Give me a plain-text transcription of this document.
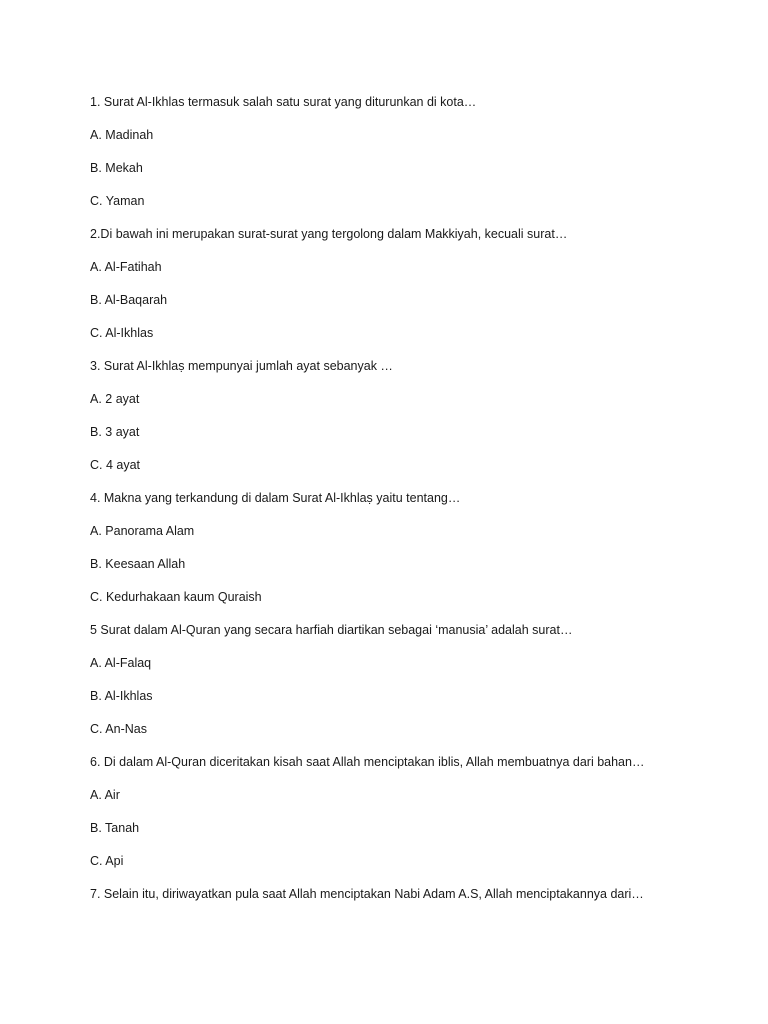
1. Surat Al-Ikhlas termasuk salah satu surat yang diturunkan di kota…
A. Madinah
B. Mekah
C. Yaman
2.Di bawah ini merupakan surat-surat yang tergolong dalam Makkiyah, kecuali surat…
A. Al-Fatihah
B. Al-Baqarah
C. Al-Ikhlas
3. Surat Al-Ikhlaṣ mempunyai jumlah ayat sebanyak …
A. 2 ayat
B. 3 ayat
C. 4 ayat
4. Makna yang terkandung di dalam Surat Al-Ikhlaṣ yaitu tentang…
A. Panorama Alam
B. Keesaan Allah
C. Kedurhakaan kaum Quraish
5 Surat dalam Al-Quran yang secara harfiah diartikan sebagai ‘manusia’ adalah surat…
A. Al-Falaq
B. Al-Ikhlas
C. An-Nas
6. Di dalam Al-Quran diceritakan kisah saat Allah menciptakan iblis, Allah membuatnya dari bahan…
A. Air
B. Tanah
C. Api
7. Selain itu, diriwayatkan pula saat Allah menciptakan Nabi Adam A.S, Allah menciptakannya dari…
